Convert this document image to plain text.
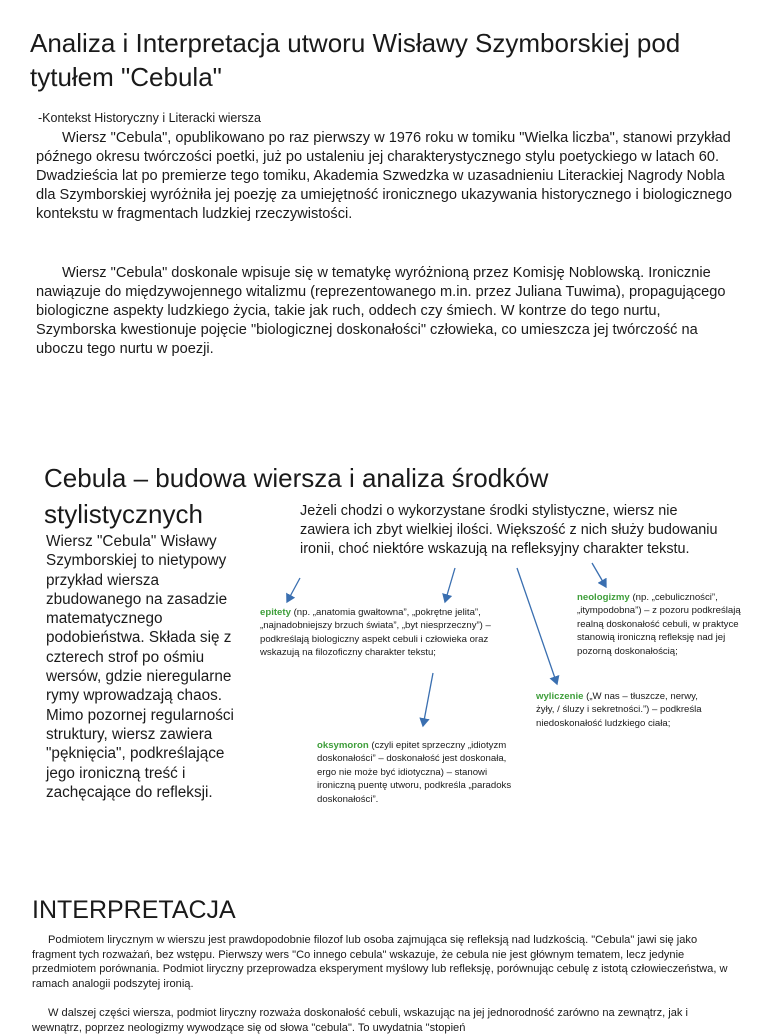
Analiza i Interpretacja utworu Wisławy Szymborskiej pod tytułem "Cebula"
-Kontekst Historyczny i Literacki wiersza
Wiersz "Cebula", opublikowano po raz pierwszy w 1976 roku w tomiku "Wielka liczba", stanowi przykład późnego okresu twórczości poetki, już po ustaleniu jej charakterystycznego stylu poetyckiego w latach 60. Dwadzieścia lat po premierze tego tomiku, Akademia Szwedzka w uzasadnieniu Literackiej Nagrody Nobla dla Szymborskiej wyróżniła jej poezję za umiejętność ironicznego ukazywania historycznego i biologicznego kontekstu w fragmentach ludzkiej rzeczywistości.
Wiersz "Cebula" doskonale wpisuje się w tematykę wyróżnioną przez Komisję Noblowską. Ironicznie nawiązuje do międzywojennego witalizmu (reprezentowanego m.in. przez Juliana Tuwima), propagującego biologiczne aspekty ludzkiego życia, takie jak ruch, oddech czy śmiech. W kontrze do tego nurtu, Szymborska kwestionuje pojęcie "biologicznej doskonałości" człowieka, co umieszcza jej twórczość na uboczu tego nurtu w poezji.
Cebula – budowa wiersza i analiza środków stylistycznych
Wiersz "Cebula" Wisławy Szymborskiej to nietypowy przykład wiersza zbudowanego na zasadzie matematycznego podobieństwa. Składa się z czterech strof po ośmiu wersów, gdzie nieregularne rymy wprowadzają chaos. Mimo pozornej regularności struktury, wiersz zawiera "pęknięcia", podkreślające jego ironiczną treść i zachęcające do refleksji.
Jeżeli chodzi o wykorzystane środki stylistyczne, wiersz nie zawiera ich zbyt wielkiej ilości. Większość z nich służy budowaniu ironii, choć niektóre wskazują na refleksyjny charakter tekstu.
epitety (np. „anatomia gwałtowna”, „pokrętne jelita”, „najnadobniejszy brzuch świata”, „byt niesprzeczny”) – podkreślają biologiczny aspekt cebuli i człowieka oraz wskazują na filozoficzny charakter tekstu;
neologizmy (np. „cebuliczności”, „itympodobna”) – z pozoru podkreślają realną doskonałość cebuli, w praktyce stanowią ironiczną refleksję nad jej pozorną doskonałością;
wyliczenie („W nas – tłuszcze, nerwy, żyły, / śluzy i sekretności.”) – podkreśla niedoskonałość ludzkiego ciała;
oksymoron (czyli epitet sprzeczny „idiotyzm doskonałości” – doskonałość jest doskonała, ergo nie może być idiotyczna) – stanowi ironiczną puentę utworu, podkreśla „paradoks doskonałości”.
INTERPRETACJA

Podmiotem lirycznym w wierszu jest prawdopodobnie filozof lub osoba zajmująca się refleksją nad ludzkością. "Cebula" jawi się jako fragment tych rozważań, bez wstępu. Pierwszy wers "Co innego cebula" wskazuje, że cebula nie jest głównym tematem, lecz jedynie przedmiotem porównania. Podmiot liryczny przeprowadza eksperyment myślowy lub refleksję, porównując cebulę z istotą człowieczeństwa, w ramach analogii podszytej ironią.

W dalszej części wiersza, podmiot liryczny rozważa doskonałość cebuli, wskazując na jej jednorodność zarówno na zewnątrz, jak i wewnątrz, poprzez neologizmy wywodzące się od słowa "cebula". To uwydatnia "stopień
